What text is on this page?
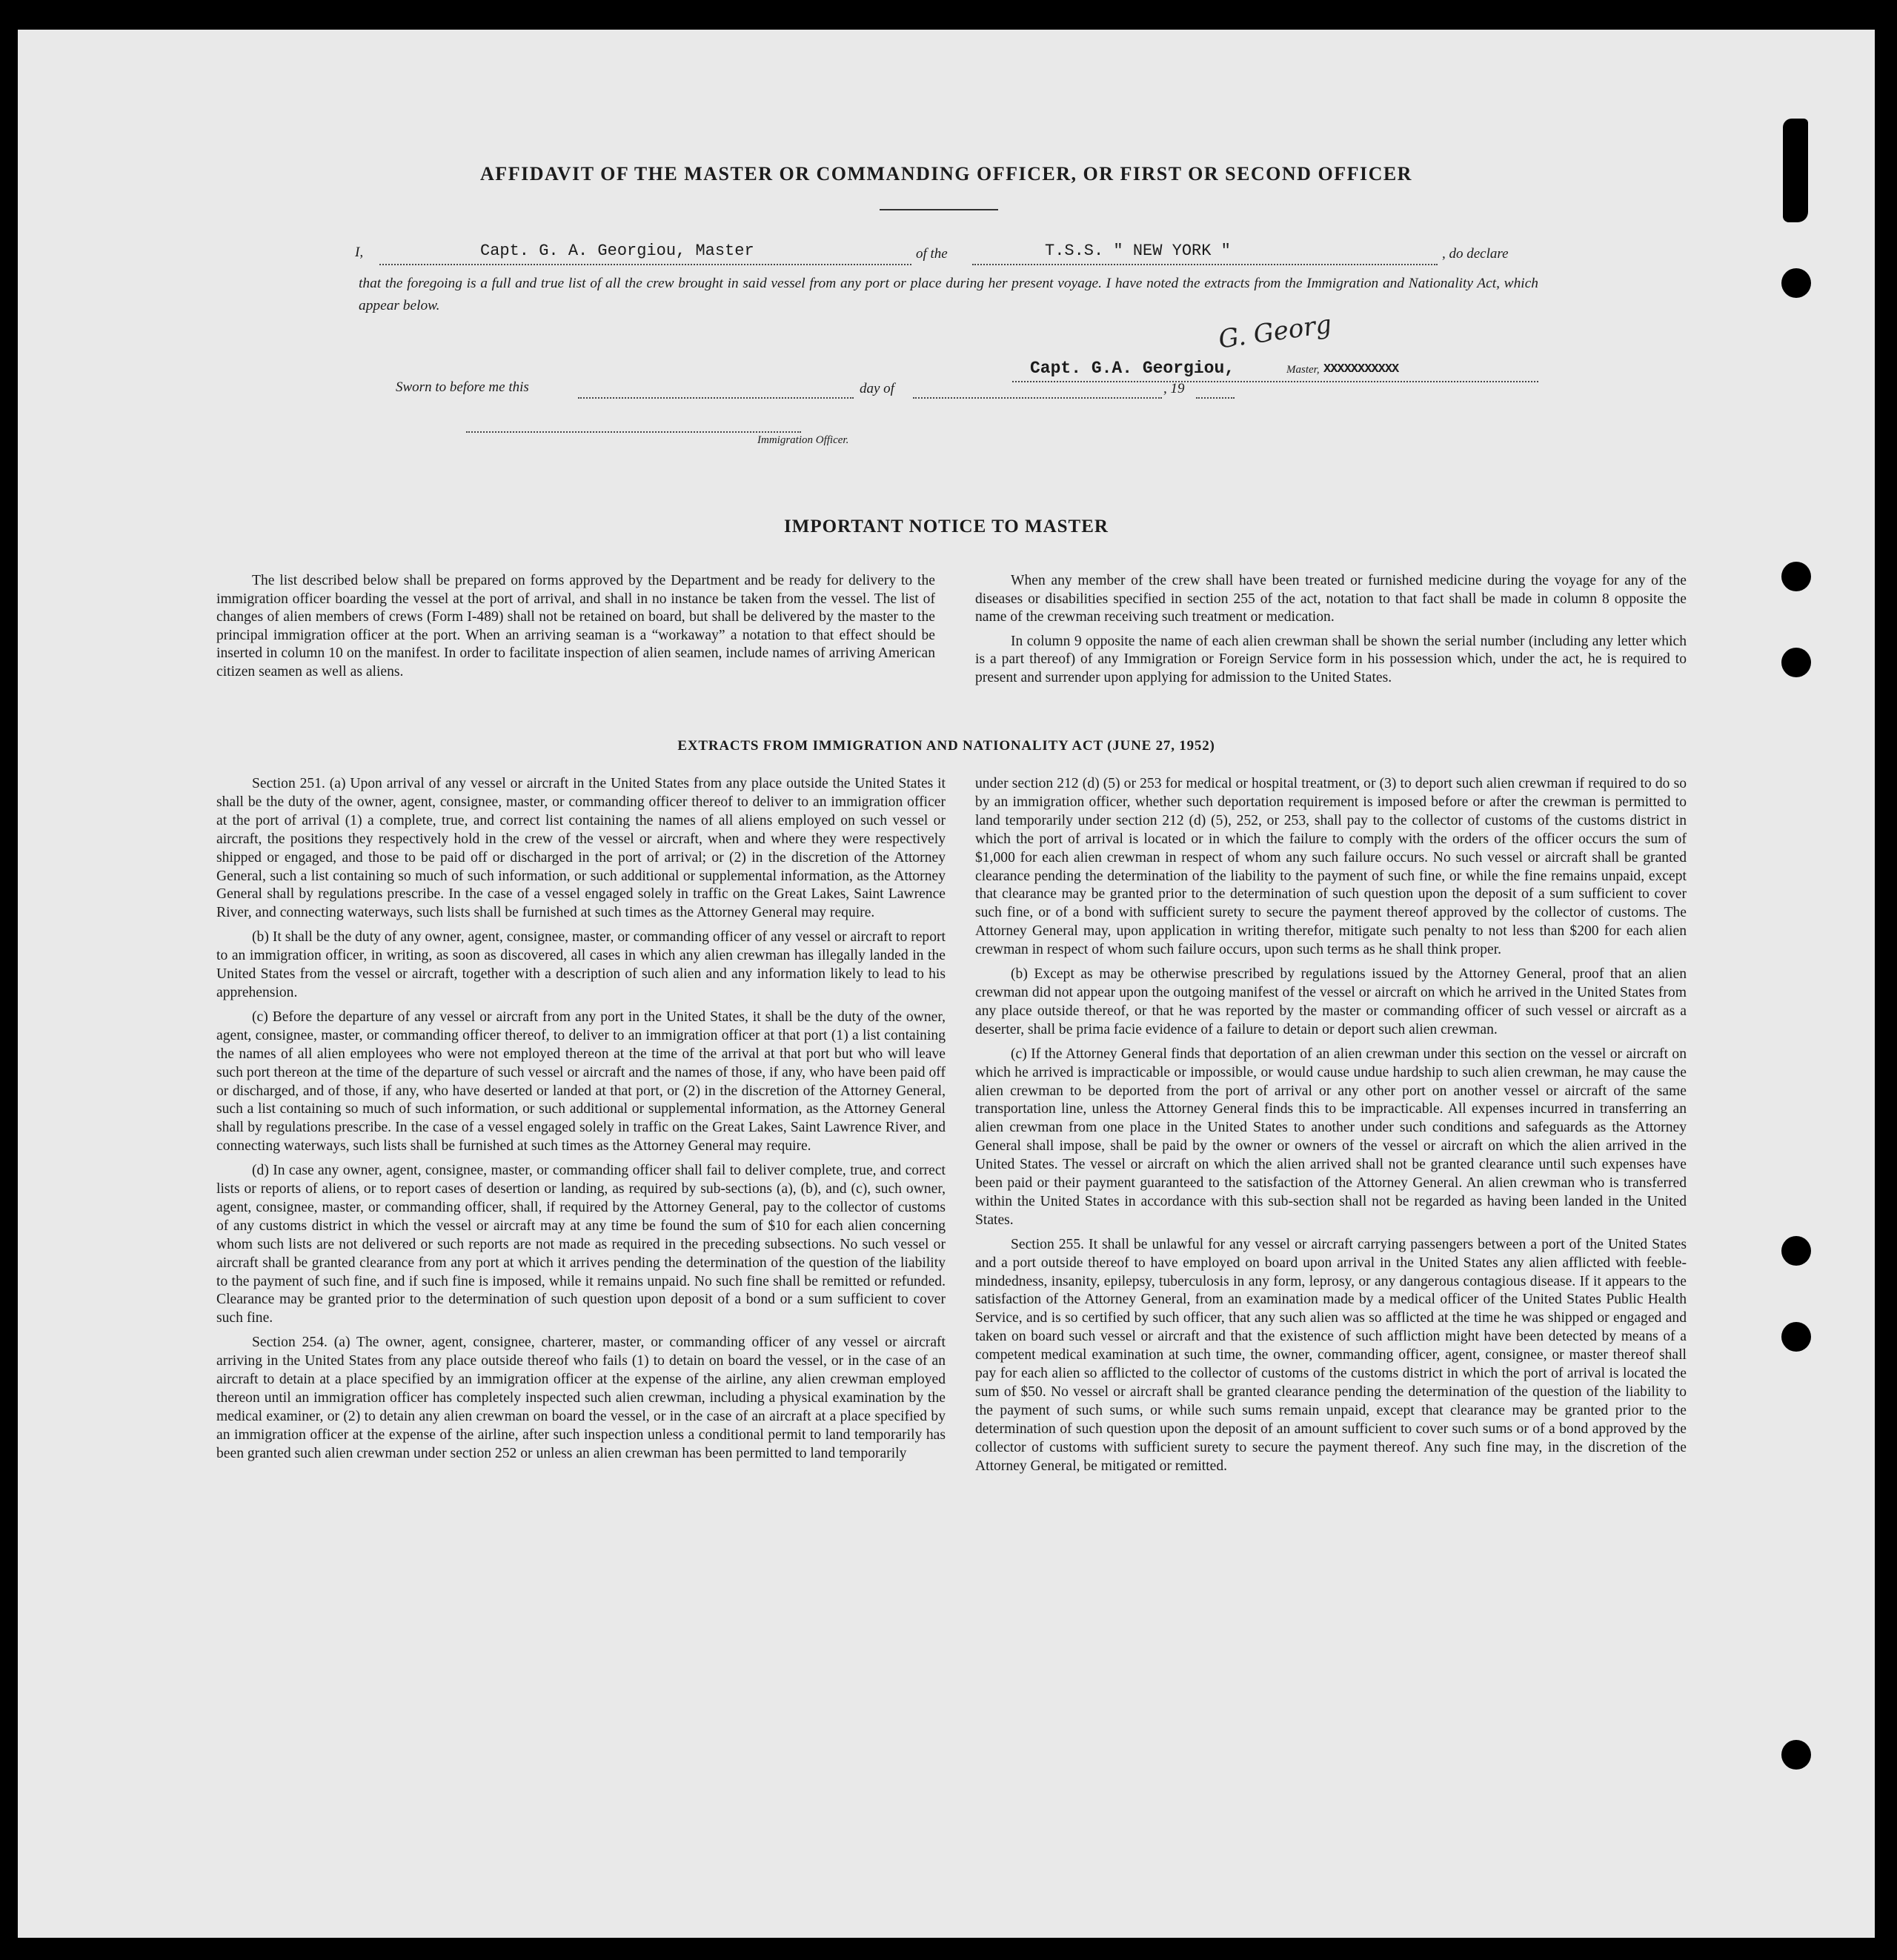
AFFIDAVIT OF THE MASTER OR COMMANDING OFFICER, OR FIRST OR SECOND OFFICER
I,	Capt. G. A. Georgiou, Master	of the	T.S.S. " NEW YORK "	, do declare
that the foregoing is a full and true list of all the crew brought in said vessel from any port or place during her present voyage. I have noted the extracts from the Immigration and Nationality Act, which appear below.
G. Georg
Capt. G.A. Georgiou,	Master, XXXXXXXXXXX
Sworn to before me this	day of	, 19
Immigration Officer.
IMPORTANT NOTICE TO MASTER

The list described below shall be prepared on forms approved by the Department and be ready for delivery to the immigration officer boarding the vessel at the port of arrival, and shall in no instance be taken from the vessel. The list of changes of alien members of crews (Form I-489) shall not be retained on board, but shall be delivered by the master to the principal immigration officer at the port. When an arriving seaman is a “workaway” a notation to that effect should be inserted in column 10 on the manifest. In order to facilitate inspection of alien seamen, include names of arriving American citizen seamen as well as aliens.

When any member of the crew shall have been treated or furnished medicine during the voyage for any of the diseases or disabilities specified in section 255 of the act, notation to that fact shall be made in column 8 opposite the name of the crewman receiving such treatment or medication.

In column 9 opposite the name of each alien crewman shall be shown the serial number (including any letter which is a part thereof) of any Immigration or Foreign Service form in his possession which, under the act, he is required to present and surrender upon applying for admission to the United States.

EXTRACTS FROM IMMIGRATION AND NATIONALITY ACT (JUNE 27, 1952)

Section 251. (a) Upon arrival of any vessel or aircraft in the United States from any place outside the United States it shall be the duty of the owner, agent, consignee, master, or commanding officer thereof to deliver to an immigration officer at the port of arrival (1) a complete, true, and correct list containing the names of all aliens employed on such vessel or aircraft, the positions they respectively hold in the crew of the vessel or aircraft, when and where they were respectively shipped or engaged, and those to be paid off or discharged in the port of arrival; or (2) in the discretion of the Attorney General, such a list containing so much of such information, or such additional or supplemental information, as the Attorney General shall by regulations prescribe. In the case of a vessel engaged solely in traffic on the Great Lakes, Saint Lawrence River, and connecting waterways, such lists shall be furnished at such times as the Attorney General may require.

(b) It shall be the duty of any owner, agent, consignee, master, or commanding officer of any vessel or aircraft to report to an immigration officer, in writing, as soon as discovered, all cases in which any alien crewman has illegally landed in the United States from the vessel or aircraft, together with a description of such alien and any information likely to lead to his apprehension.

(c) Before the departure of any vessel or aircraft from any port in the United States, it shall be the duty of the owner, agent, consignee, master, or commanding officer thereof, to deliver to an immigration officer at that port (1) a list containing the names of all alien employees who were not employed thereon at the time of the arrival at that port but who will leave such port thereon at the time of the departure of such vessel or aircraft and the names of those, if any, who have been paid off or discharged, and of those, if any, who have deserted or landed at that port, or (2) in the discretion of the Attorney General, such a list containing so much of such information, or such additional or supplemental information, as the Attorney General shall by regulations prescribe. In the case of a vessel engaged solely in traffic on the Great Lakes, Saint Lawrence River, and connecting waterways, such lists shall be furnished at such times as the Attorney General may require.

(d) In case any owner, agent, consignee, master, or commanding officer shall fail to deliver complete, true, and correct lists or reports of aliens, or to report cases of desertion or landing, as required by sub-sections (a), (b), and (c), such owner, agent, consignee, master, or commanding officer, shall, if required by the Attorney General, pay to the collector of customs of any customs district in which the vessel or aircraft may at any time be found the sum of $10 for each alien concerning whom such lists are not delivered or such reports are not made as required in the preceding subsections. No such vessel or aircraft shall be granted clearance from any port at which it arrives pending the determination of the question of the liability to the payment of such fine, and if such fine is imposed, while it remains unpaid. No such fine shall be remitted or refunded. Clearance may be granted prior to the determination of such question upon deposit of a bond or a sum sufficient to cover such fine.

Section 254. (a) The owner, agent, consignee, charterer, master, or commanding officer of any vessel or aircraft arriving in the United States from any place outside thereof who fails (1) to detain on board the vessel, or in the case of an aircraft to detain at a place specified by an immigration officer at the expense of the airline, any alien crewman employed thereon until an immigration officer has completely inspected such alien crewman, including a physical examination by the medical examiner, or (2) to detain any alien crewman on board the vessel, or in the case of an aircraft at a place specified by an immigration officer at the expense of the airline, after such inspection unless a conditional permit to land temporarily has been granted such alien crewman under section 252 or unless an alien crewman has been permitted to land temporarily

under section 212 (d) (5) or 253 for medical or hospital treatment, or (3) to deport such alien crewman if required to do so by an immigration officer, whether such deportation requirement is imposed before or after the crewman is permitted to land temporarily under section 212 (d) (5), 252, or 253, shall pay to the collector of customs of the customs district in which the port of arrival is located or in which the failure to comply with the orders of the officer occurs the sum of $1,000 for each alien crewman in respect of whom any such failure occurs. No such vessel or aircraft shall be granted clearance pending the determination of the liability to the payment of such fine, or while the fine remains unpaid, except that clearance may be granted prior to the determination of such question upon the deposit of a sum sufficient to cover such fine, or of a bond with sufficient surety to secure the payment thereof approved by the collector of customs. The Attorney General may, upon application in writing therefor, mitigate such penalty to not less than $200 for each alien crewman in respect of whom such failure occurs, upon such terms as he shall think proper.

(b) Except as may be otherwise prescribed by regulations issued by the Attorney General, proof that an alien crewman did not appear upon the outgoing manifest of the vessel or aircraft on which he arrived in the United States from any place outside thereof, or that he was reported by the master or commanding officer of such vessel or aircraft as a deserter, shall be prima facie evidence of a failure to detain or deport such alien crewman.

(c) If the Attorney General finds that deportation of an alien crewman under this section on the vessel or aircraft on which he arrived is impracticable or impossible, or would cause undue hardship to such alien crewman, he may cause the alien crewman to be deported from the port of arrival or any other port on another vessel or aircraft of the same transportation line, unless the Attorney General finds this to be impracticable. All expenses incurred in transferring an alien crewman from one place in the United States to another under such conditions and safeguards as the Attorney General shall impose, shall be paid by the owner or owners of the vessel or aircraft on which the alien arrived in the United States. The vessel or aircraft on which the alien arrived shall not be granted clearance until such expenses have been paid or their payment guaranteed to the satisfaction of the Attorney General. An alien crewman who is transferred within the United States in accordance with this sub-section shall not be regarded as having been landed in the United States.

Section 255. It shall be unlawful for any vessel or aircraft carrying passengers between a port of the United States and a port outside thereof to have employed on board upon arrival in the United States any alien afflicted with feeble-mindedness, insanity, epilepsy, tuberculosis in any form, leprosy, or any dangerous contagious disease. If it appears to the satisfaction of the Attorney General, from an examination made by a medical officer of the United States Public Health Service, and is so certified by such officer, that any such alien was so afflicted at the time he was shipped or engaged and taken on board such vessel or aircraft and that the existence of such affliction might have been detected by means of a competent medical examination at such time, the owner, commanding officer, agent, consignee, or master thereof shall pay for each alien so afflicted to the collector of customs of the customs district in which the port of arrival is located the sum of $50. No vessel or aircraft shall be granted clearance pending the determination of the question of the liability to the payment of such sums, or while such sums remain unpaid, except that clearance may be granted prior to the determination of such question upon the deposit of an amount sufficient to cover such sums or of a bond approved by the collector of customs with sufficient surety to secure the payment thereof. Any such fine may, in the discretion of the Attorney General, be mitigated or remitted.
